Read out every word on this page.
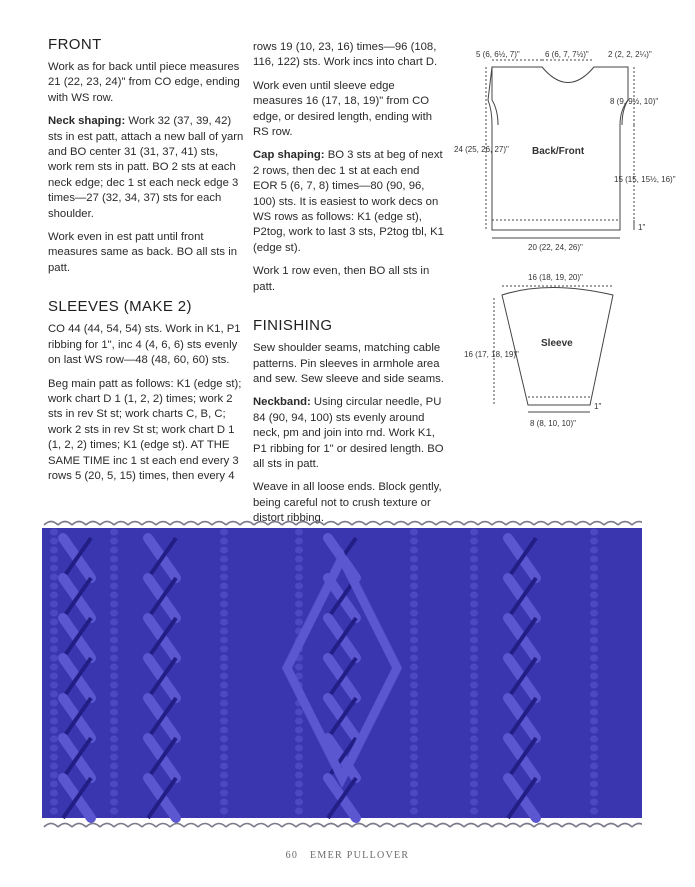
FRONT

Work as for back until piece measures 21 (22, 23, 24)" from CO edge, ending with WS row.

Neck shaping: Work 32 (37, 39, 42) sts in est patt, attach a new ball of yarn and BO center 31 (31, 37, 41) sts, work rem sts in patt. BO 2 sts at each neck edge; dec 1 st each neck edge 3 times—27 (32, 34, 37) sts for each shoulder.

Work even in est patt until front measures same as back. BO all sts in patt.

SLEEVES (MAKE 2)

CO 44 (44, 54, 54) sts. Work in K1, P1 ribbing for 1", inc 4 (4, 6, 6) sts evenly on last WS row—48 (48, 60, 60) sts.

Beg main patt as follows: K1 (edge st); work chart D 1 (1, 2, 2) times; work 2 sts in rev St st; work charts C, B, C; work 2 sts in rev St st; work chart D 1 (1, 2, 2) times; K1 (edge st). AT THE SAME TIME inc 1 st each end every 3 rows 5 (20, 5, 15) times, then every 4

rows 19 (10, 23, 16) times—96 (108, 116, 122) sts. Work incs into chart D.

Work even until sleeve edge measures 16 (17, 18, 19)" from CO edge, or desired length, ending with RS row.

Cap shaping: BO 3 sts at beg of next 2 rows, then dec 1 st at each end EOR 5 (6, 7, 8) times—80 (90, 96, 100) sts. It is easiest to work decs on WS rows as follows: K1 (edge st), P2tog, work to last 3 sts, P2tog tbl, K1 (edge st).

Work 1 row even, then BO all sts in patt.

FINISHING

Sew shoulder seams, matching cable patterns. Pin sleeves in armhole area and sew. Sew sleeve and side seams.

Neckband: Using circular needle, PU 84 (90, 94, 100) sts evenly around neck, pm and join into rnd. Work K1, P1 ribbing for 1" or desired length. BO all sts in patt.

Weave in all loose ends. Block gently, being careful not to crush texture or distort ribbing.

5 (6, 6½, 7)"	6 (6, 7, 7½)" 2 (2, 2, 2¼)"
8 (9, 9½, 10)"
Back/Front
24 (25, 26, 27)"
15 (15, 15½, 16)"
1"
20 (22, 24, 26)"
16 (18, 19, 20)"
Sleeve
16 (17, 18, 19)"
1"
8 (8, 10, 10)"
60 EMER PULLOVER
